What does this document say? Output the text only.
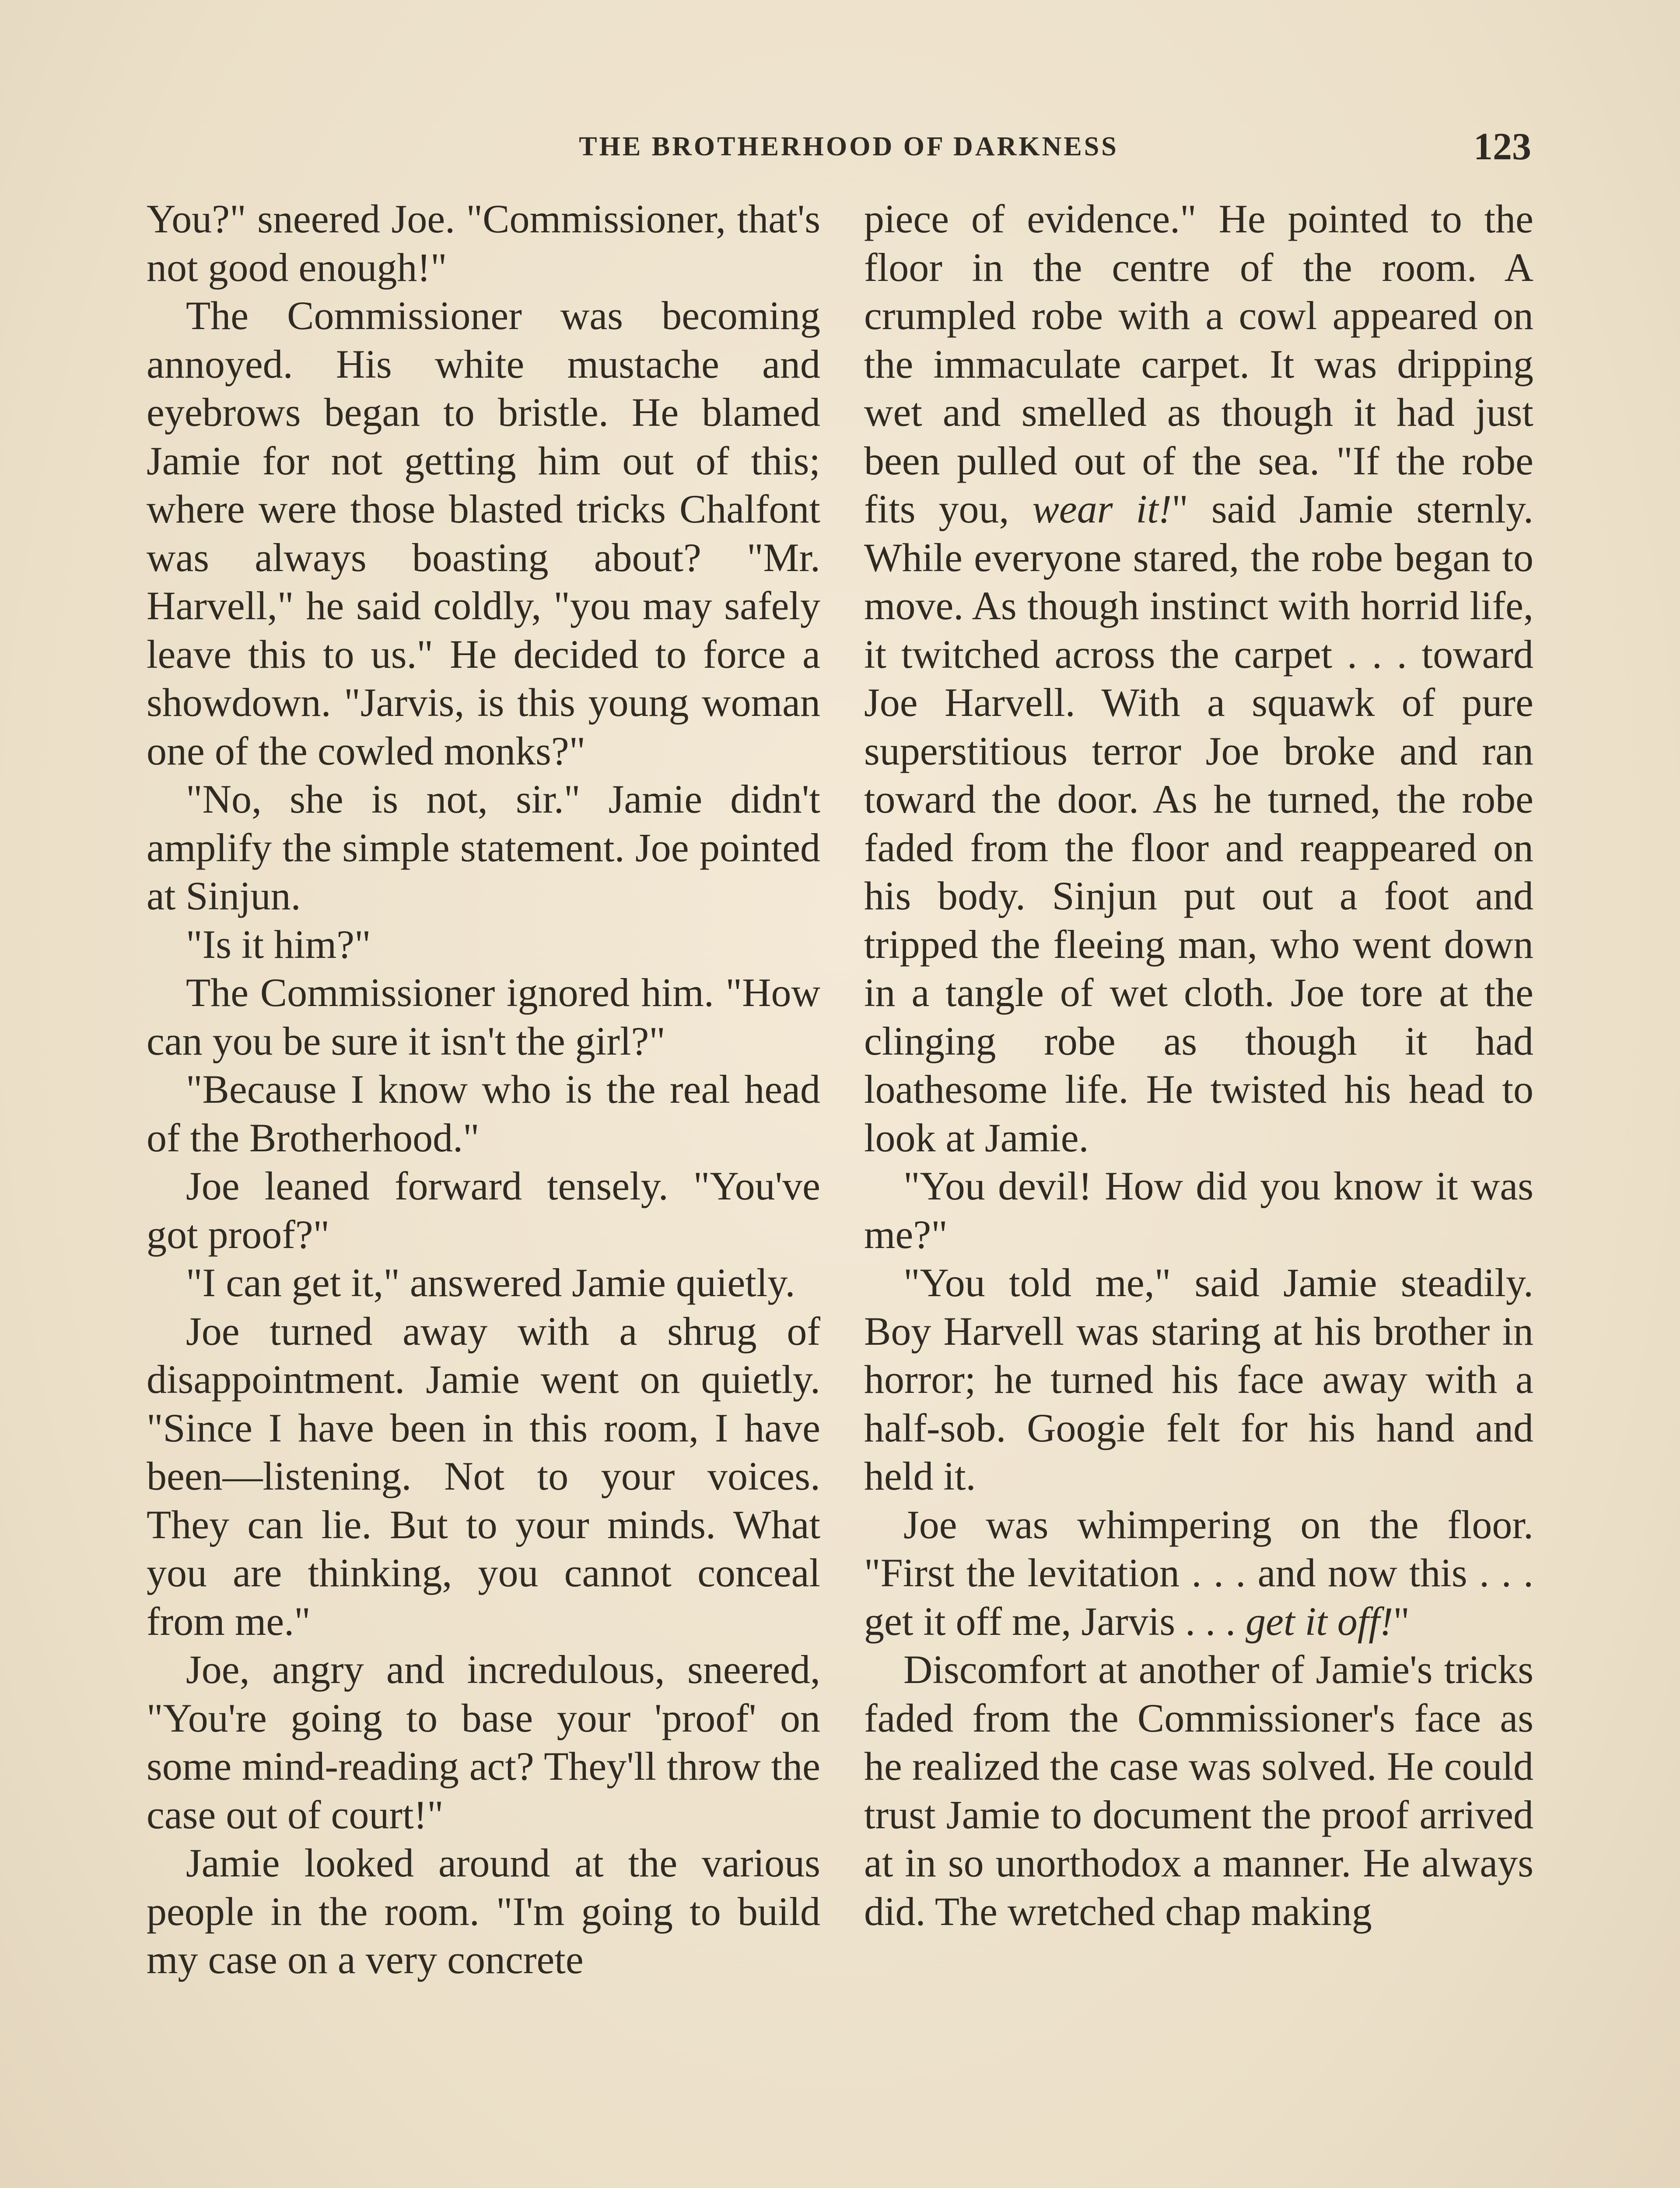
THE BROTHERHOOD OF DARKNESS	123

You?" sneered Joe. "Commissioner, that's not good enough!"

The Commissioner was becoming annoyed. His white mustache and eyebrows began to bristle. He blamed Jamie for not getting him out of this; where were those blasted tricks Chalfont was always boasting about? "Mr. Harvell," he said coldly, "you may safely leave this to us." He decided to force a showdown. "Jarvis, is this young woman one of the cowled monks?"

"No, she is not, sir." Jamie didn't amplify the simple statement. Joe pointed at Sinjun.

"Is it him?"

The Commissioner ignored him. "How can you be sure it isn't the girl?"

"Because I know who is the real head of the Brotherhood."

Joe leaned forward tensely. "You've got proof?"

"I can get it," answered Jamie quietly.

Joe turned away with a shrug of disappointment. Jamie went on quietly. "Since I have been in this room, I have been—listening. Not to your voices. They can lie. But to your minds. What you are thinking, you cannot conceal from me."

Joe, angry and incredulous, sneered, "You're going to base your 'proof' on some mind-reading act? They'll throw the case out of court!"

Jamie looked around at the various people in the room. "I'm going to build my case on a very concrete

piece of evidence." He pointed to the floor in the centre of the room. A crumpled robe with a cowl appeared on the immaculate carpet. It was dripping wet and smelled as though it had just been pulled out of the sea. "If the robe fits you, wear it!" said Jamie sternly. While everyone stared, the robe began to move. As though instinct with horrid life, it twitched across the carpet . . . toward Joe Harvell. With a squawk of pure superstitious terror Joe broke and ran toward the door. As he turned, the robe faded from the floor and reappeared on his body. Sinjun put out a foot and tripped the fleeing man, who went down in a tangle of wet cloth. Joe tore at the clinging robe as though it had loathesome life. He twisted his head to look at Jamie.

"You devil! How did you know it was me?"

"You told me," said Jamie steadily. Boy Harvell was staring at his brother in horror; he turned his face away with a half-sob. Googie felt for his hand and held it.

Joe was whimpering on the floor. "First the levitation . . . and now this . . . get it off me, Jarvis . . . get it off!"

Discomfort at another of Jamie's tricks faded from the Commissioner's face as he realized the case was solved. He could trust Jamie to document the proof arrived at in so unorthodox a manner. He always did. The wretched chap making
